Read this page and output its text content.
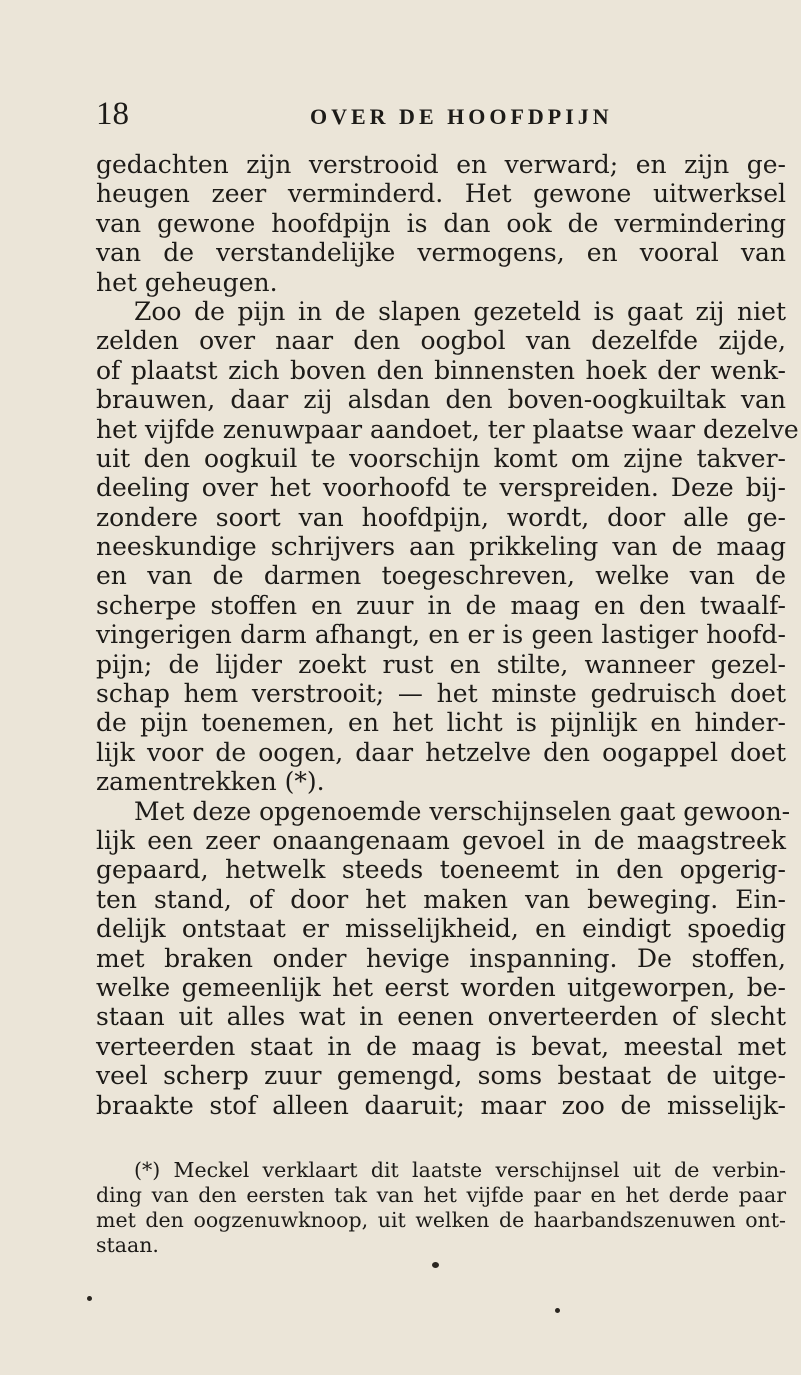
18	OVER DE HOOFDPIJN
gedachten zijn verstrooid en verward; en zijn ge-
heugen zeer verminderd. Het gewone uitwerksel
van gewone hoofdpijn is dan ook de vermindering
van de verstandelijke vermogens, en vooral van
het geheugen.
Zoo de pijn in de slapen gezeteld is gaat zij niet
zelden over naar den oogbol van dezelfde zijde,
of plaatst zich boven den binnensten hoek der wenk-
brauwen, daar zij alsdan den boven-oogkuiltak van
het vijfde zenuwpaar aandoet, ter plaatse waar dezelve
uit den oogkuil te voorschijn komt om zijne takver-
deeling over het voorhoofd te verspreiden. Deze bij-
zondere soort van hoofdpijn, wordt, door alle ge-
neeskundige schrijvers aan prikkeling van de maag
en van de darmen toegeschreven, welke van de
scherpe stoffen en zuur in de maag en den twaalf-
vingerigen darm afhangt, en er is geen lastiger hoofd-
pijn; de lijder zoekt rust en stilte, wanneer gezel-
schap hem verstrooit; — het minste gedruisch doet
de pijn toenemen, en het licht is pijnlijk en hinder-
lijk voor de oogen, daar hetzelve den oogappel doet
zamentrekken (*).
Met deze opgenoemde verschijnselen gaat gewoon-
lijk een zeer onaangenaam gevoel in de maagstreek
gepaard, hetwelk steeds toeneemt in den opgerig-
ten stand, of door het maken van beweging. Ein-
delijk ontstaat er misselijkheid, en eindigt spoedig
met braken onder hevige inspanning. De stoffen,
welke gemeenlijk het eerst worden uitgeworpen, be-
staan uit alles wat in eenen onverteerden of slecht
verteerden staat in de maag is bevat, meestal met
veel scherp zuur gemengd, soms bestaat de uitge-
braakte stof alleen daaruit; maar zoo de misselijk-
(*) Meckel verklaart dit laatste verschijnsel uit de verbin-
ding van den eersten tak van het vijfde paar en het derde paar
met den oogzenuwknoop, uit welken de haarbandszenuwen ont-
staan.
